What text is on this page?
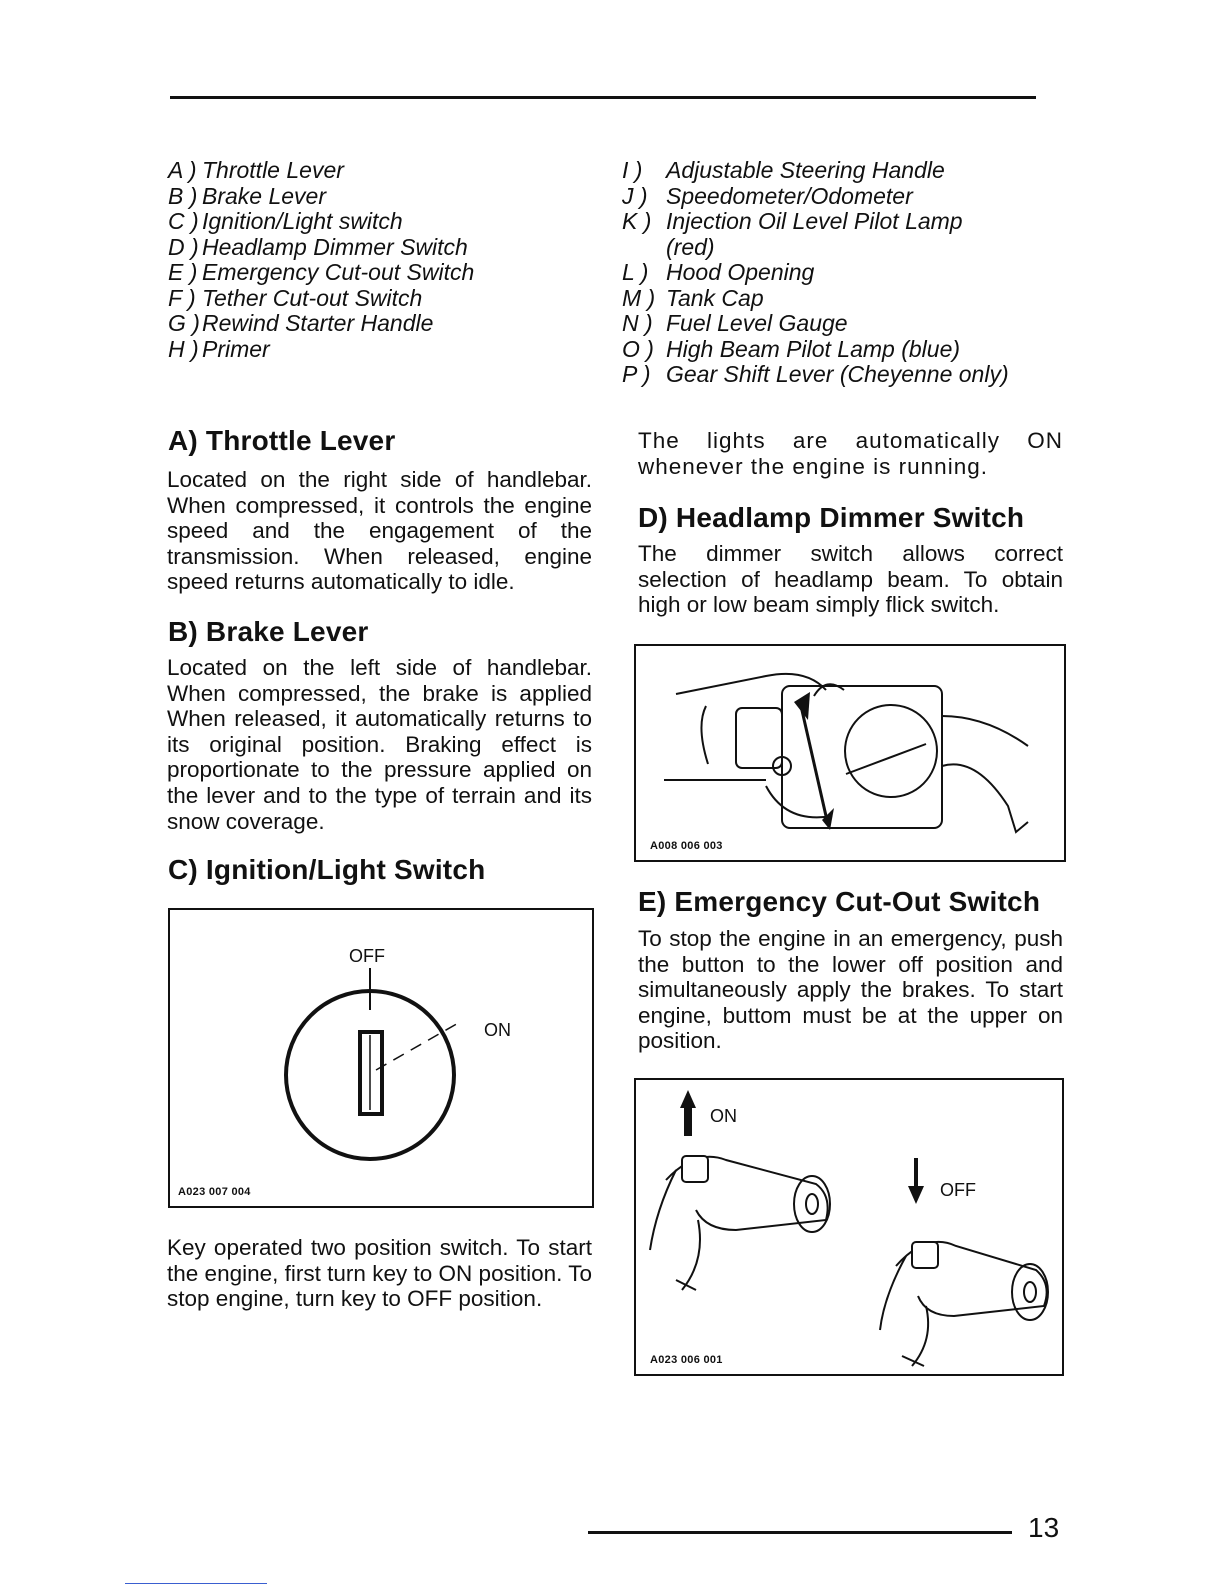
A ) Throttle Lever
B ) Brake Lever
C ) Ignition/Light switch
D ) Headlamp Dimmer Switch
E ) Emergency Cut-out Switch
F ) Tether Cut-out Switch
G ) Rewind Starter Handle
H ) Primer
I )	Adjustable Steering Handle
J ) Speedometer/Odometer
K ) Injection Oil Level Pilot Lamp
(red)
L ) Hood Opening
M ) Tank Cap
N ) Fuel Level Gauge
O ) High Beam Pilot Lamp (blue)
P ) Gear Shift Lever (Cheyenne only)
A) Throttle Lever

Located on the right side of handlebar. When compressed, it controls the engine speed and the engagement of the transmission. When released, engine speed returns automatically to idle.

B) Brake Lever

Located on the left side of handlebar. When compressed, the brake is applied When released, it automatically returns to its original position. Braking effect is proportionate to the pressure applied on the lever and to the type of terrain and its snow coverage.

C) Ignition/Light Switch
OFF
ON
A023 007 004

Key operated two position switch. To start the engine, first turn key to ON position. To stop engine, turn key to OFF position.

The lights are automatically ON whenever the engine is running.

D) Headlamp Dimmer Switch

The dimmer switch allows correct selection of headlamp beam. To obtain high or low beam simply flick switch.

A008 006 003
E) Emergency Cut-Out Switch

To stop the engine in an emergency, push the button to the lower off position and simultaneously apply the brakes. To start engine, buttom must be at the upper on position.

ON
OFF
A023 006 001
13
